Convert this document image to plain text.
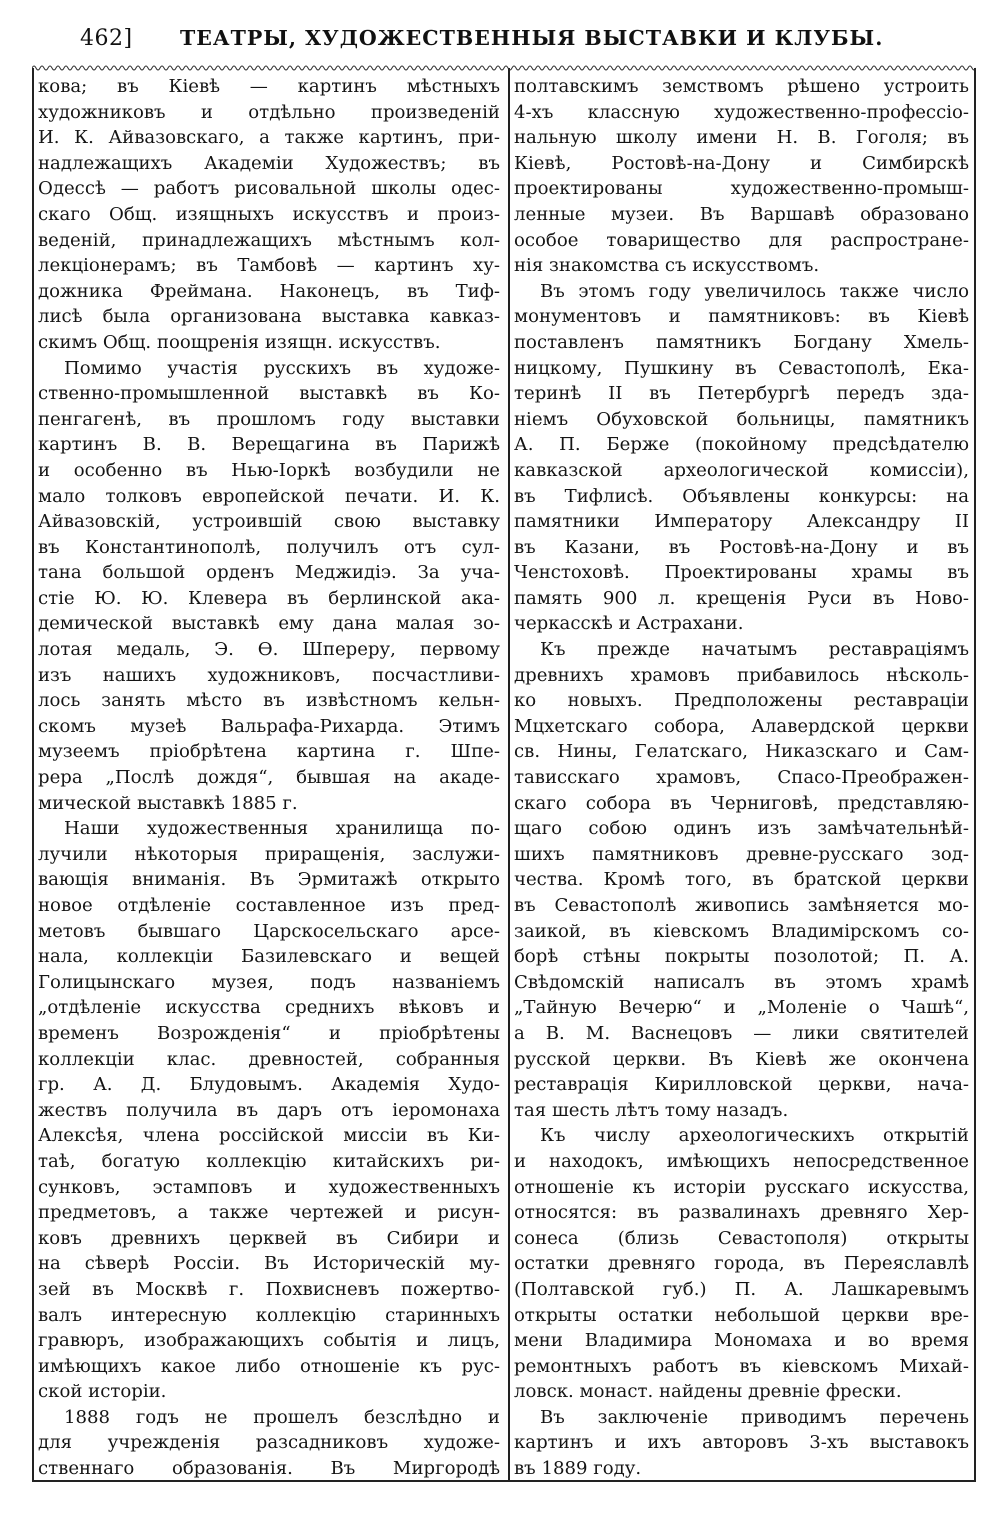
462] ТЕАТРЫ, ХУДОЖЕСТВЕННЫЯ ВЫСТАВКИ И КЛУБЫ.
кова; въ Кіевѣ — картинъ мѣстныхъ
художниковъ и отдѣльно произведеній
И. К. Айвазовскаго, а также картинъ, при-
надлежащихъ Академіи Художествъ; въ
Одессѣ — работъ рисовальной школы одес-
скаго Общ. изящныхъ искусствъ и произ-
веденій, принадлежащихъ мѣстнымъ кол-
лекціонерамъ; въ Тамбовѣ — картинъ ху-
дожника Фреймана. Наконецъ, въ Тиф-
лисѣ была организована выставка кавказ-
скимъ Общ. поощренія изящн. искусствъ.
Помимо участія русскихъ въ художе-
ственно-промышленной выставкѣ въ Ко-
пенгагенѣ, въ прошломъ году выставки
картинъ В. В. Верещагина въ Парижѣ
и особенно въ Нью-Іоркѣ возбудили не
мало толковъ европейской печати. И. К.
Айвазовскій, устроившій свою выставку
въ Константинополѣ, получилъ отъ сул-
тана большой орденъ Меджидіэ. За уча-
стіе Ю. Ю. Клевера въ берлинской ака-
демической выставкѣ ему дана малая зо-
лотая медаль, Э. Ѳ. Шпереру, первому
изъ нашихъ художниковъ, посчастливи-
лось занять мѣсто въ извѣстномъ кельн-
скомъ музеѣ Вальрафа-Рихарда. Этимъ
музеемъ пріобрѣтена картина г. Шпе-
рера „Послѣ дождя“, бывшая на акаде-
мической выставкѣ 1885 г.
Наши художественныя хранилища по-
лучили нѣкоторыя приращенія, заслужи-
вающія вниманія. Въ Эрмитажѣ открыто
новое отдѣленіе составленное изъ пред-
метовъ бывшаго Царскосельскаго арсе-
нала, коллекціи Базилевскаго и вещей
Голицынскаго музея, подъ названіемъ
„отдѣленіе искусства среднихъ вѣковъ и
временъ Возрожденія“ и пріобрѣтены
коллекціи клас. древностей, собранныя
гр. А. Д. Блудовымъ. Академія Худо-
жествъ получила въ даръ отъ іеромонаха
Алексѣя, члена россійской миссіи въ Ки-
таѣ, богатую коллекцію китайскихъ ри-
сунковъ, эстамповъ и художественныхъ
предметовъ, а также чертежей и рисун-
ковъ древнихъ церквей въ Сибири и
на сѣверѣ Россіи. Въ Историческій му-
зей въ Москвѣ г. Похвисневъ пожертво-
валъ интересную коллекцію старинныхъ
гравюръ, изображающихъ событія и лицъ,
имѣющихъ какое либо отношеніе къ рус-
ской исторіи.
1888 годъ не прошелъ безслѣдно и
для учрежденія разсадниковъ художе-
ственнаго образованія. Въ Миргородѣ
полтавскимъ земствомъ рѣшено устроить
4-хъ классную художественно-профессіо-
нальную школу имени Н. В. Гоголя; въ
Кіевѣ, Ростовѣ-на-Дону и Симбирскѣ
проектированы художественно-промыш-
ленные музеи. Въ Варшавѣ образовано
особое товарищество для распростране-
нія знакомства съ искусствомъ.
Въ этомъ году увеличилось также число
монументовъ и памятниковъ: въ Кіевѣ
поставленъ памятникъ Богдану Хмель-
ницкому, Пушкину въ Севастополѣ, Ека-
теринѣ II въ Петербургѣ передъ зда-
ніемъ Обуховской больницы, памятникъ
А. П. Берже (покойному предсѣдателю
кавказской археологической комиссіи),
въ Тифлисѣ. Объявлены конкурсы: на
памятники Императору Александру II
въ Казани, въ Ростовѣ-на-Дону и въ
Ченстоховѣ. Проектированы храмы въ
память 900 л. крещенія Руси въ Ново-
черкасскѣ и Астрахани.
Къ прежде начатымъ реставраціямъ
древнихъ храмовъ прибавилось нѣсколь-
ко новыхъ. Предположены реставраціи
Мцхетскаго собора, Алавердской церкви
св. Нины, Гелатскаго, Никазскаго и Сам-
тависскаго храмовъ, Спасо-Преображен-
скаго собора въ Черниговѣ, представляю-
щаго собою одинъ изъ замѣчательнѣй-
шихъ памятниковъ древне-русскаго зод-
чества. Кромѣ того, въ братской церкви
въ Севастополѣ живопись замѣняется мо-
заикой, въ кіевскомъ Владимірскомъ со-
борѣ стѣны покрыты позолотой; П. А.
Свѣдомскій написалъ въ этомъ храмѣ
„Тайную Вечерю“ и „Моленіе о Чашѣ“,
а В. М. Васнецовъ — лики святителей
русской церкви. Въ Кіевѣ же окончена
реставрація Кирилловской церкви, нача-
тая шесть лѣтъ тому назадъ.
Къ числу археологическихъ открытій
и находокъ, имѣющихъ непосредственное
отношеніе къ исторіи русскаго искусства,
относятся: въ развалинахъ древняго Хер-
сонеса (близь Севастополя) открыты
остатки древняго города, въ Переяславлѣ
(Полтавской губ.) П. А. Лашкаревымъ
открыты остатки небольшой церкви вре-
мени Владимира Мономаха и во время
ремонтныхъ работъ въ кіевскомъ Михай-
ловск. монаст. найдены древніе фрески.
Въ заключеніе приводимъ перечень
картинъ и ихъ авторовъ 3-хъ выставокъ
въ 1889 году.
